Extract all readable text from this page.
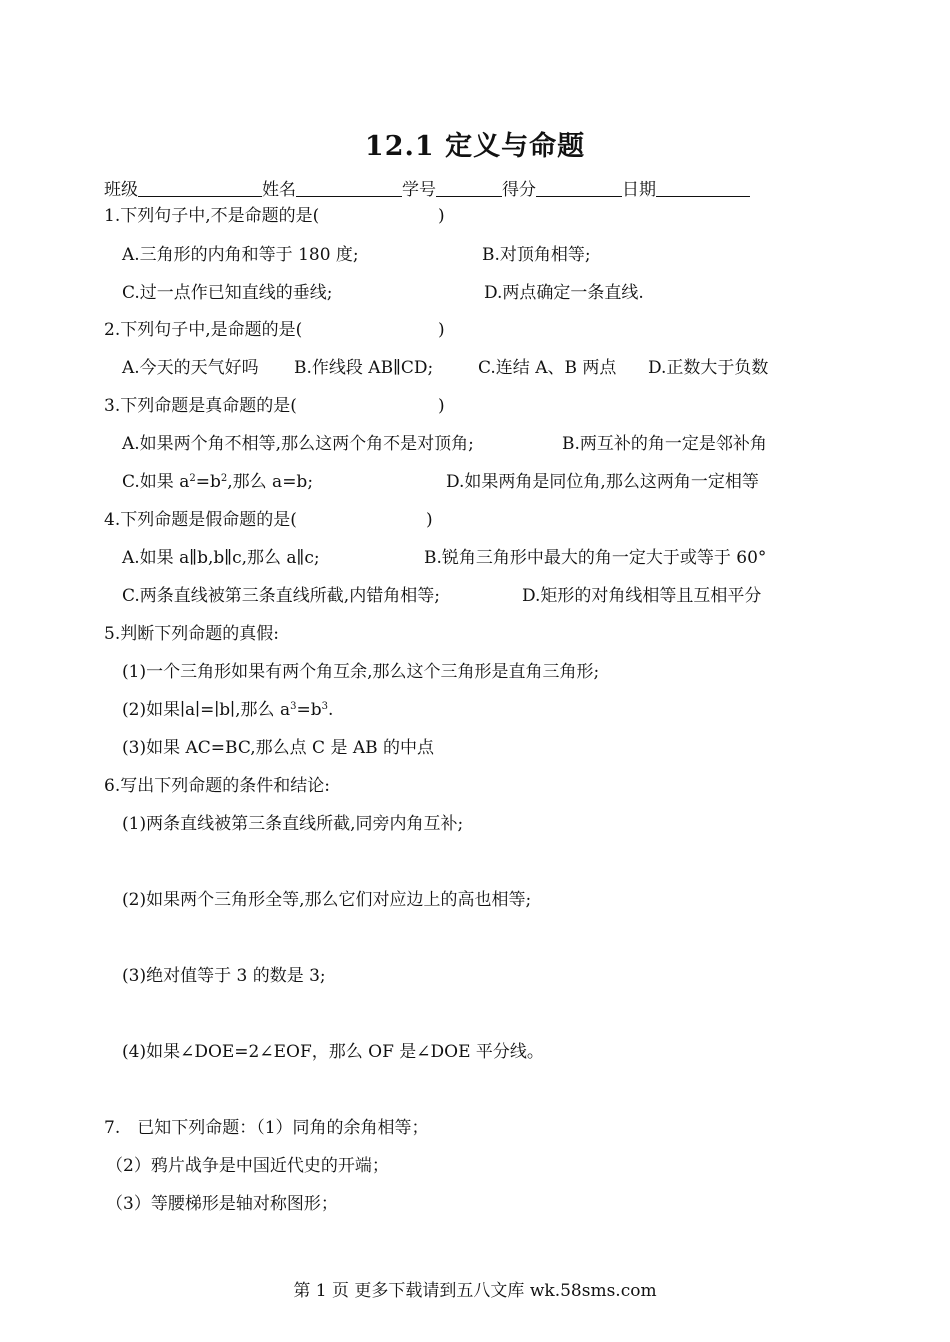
12.1 定义与命题
班级	姓名	学号	得分	日期
1.下列句子中,不是命题的是(	)
A.三角形的内角和等于 180 度;	B.对顶角相等;
C.过一点作已知直线的垂线;	D.两点确定一条直线.
2.下列句子中,是命题的是(	)
A.今天的天气好吗 B.作线段 AB∥CD;	C.连结 A、B 两点 D.正数大于负数
3.下列命题是真命题的是(	)
A.如果两个角不相等,那么这两个角不是对顶角;	B.两互补的角一定是邻补角
C.如果 $a^2=b^2$,那么 a=b;	D.如果两角是同位角,那么这两角一定相等
4.下列命题是假命题的是(	)
A.如果 a∥b,b∥c,那么 a∥c;	B.锐角三角形中最大的角一定大于或等于 60°
C.两条直线被第三条直线所截,内错角相等;	D.矩形的对角线相等且互相平分
5.判断下列命题的真假:
(1)一个三角形如果有两个角互余,那么这个三角形是直角三角形;
(2)如果∣a∣=∣b∣,那么 $a^3=b^3$.
(3)如果 AC=BC,那么点 C 是 AB 的中点
6.写出下列命题的条件和结论:
(1)两条直线被第三条直线所截,同旁内角互补;
(2)如果两个三角形全等,那么它们对应边上的高也相等;
(3)绝对值等于 3 的数是 3;
(4)如果∠DOE=2∠EOF，那么 OF 是∠DOE 平分线。
7.　已知下列命题：（1）同角的余角相等；
（2）鸦片战争是中国近代史的开端；
（3）等腰梯形是轴对称图形；
第 1 页 更多下载请到五八文库 wk.58sms.com
